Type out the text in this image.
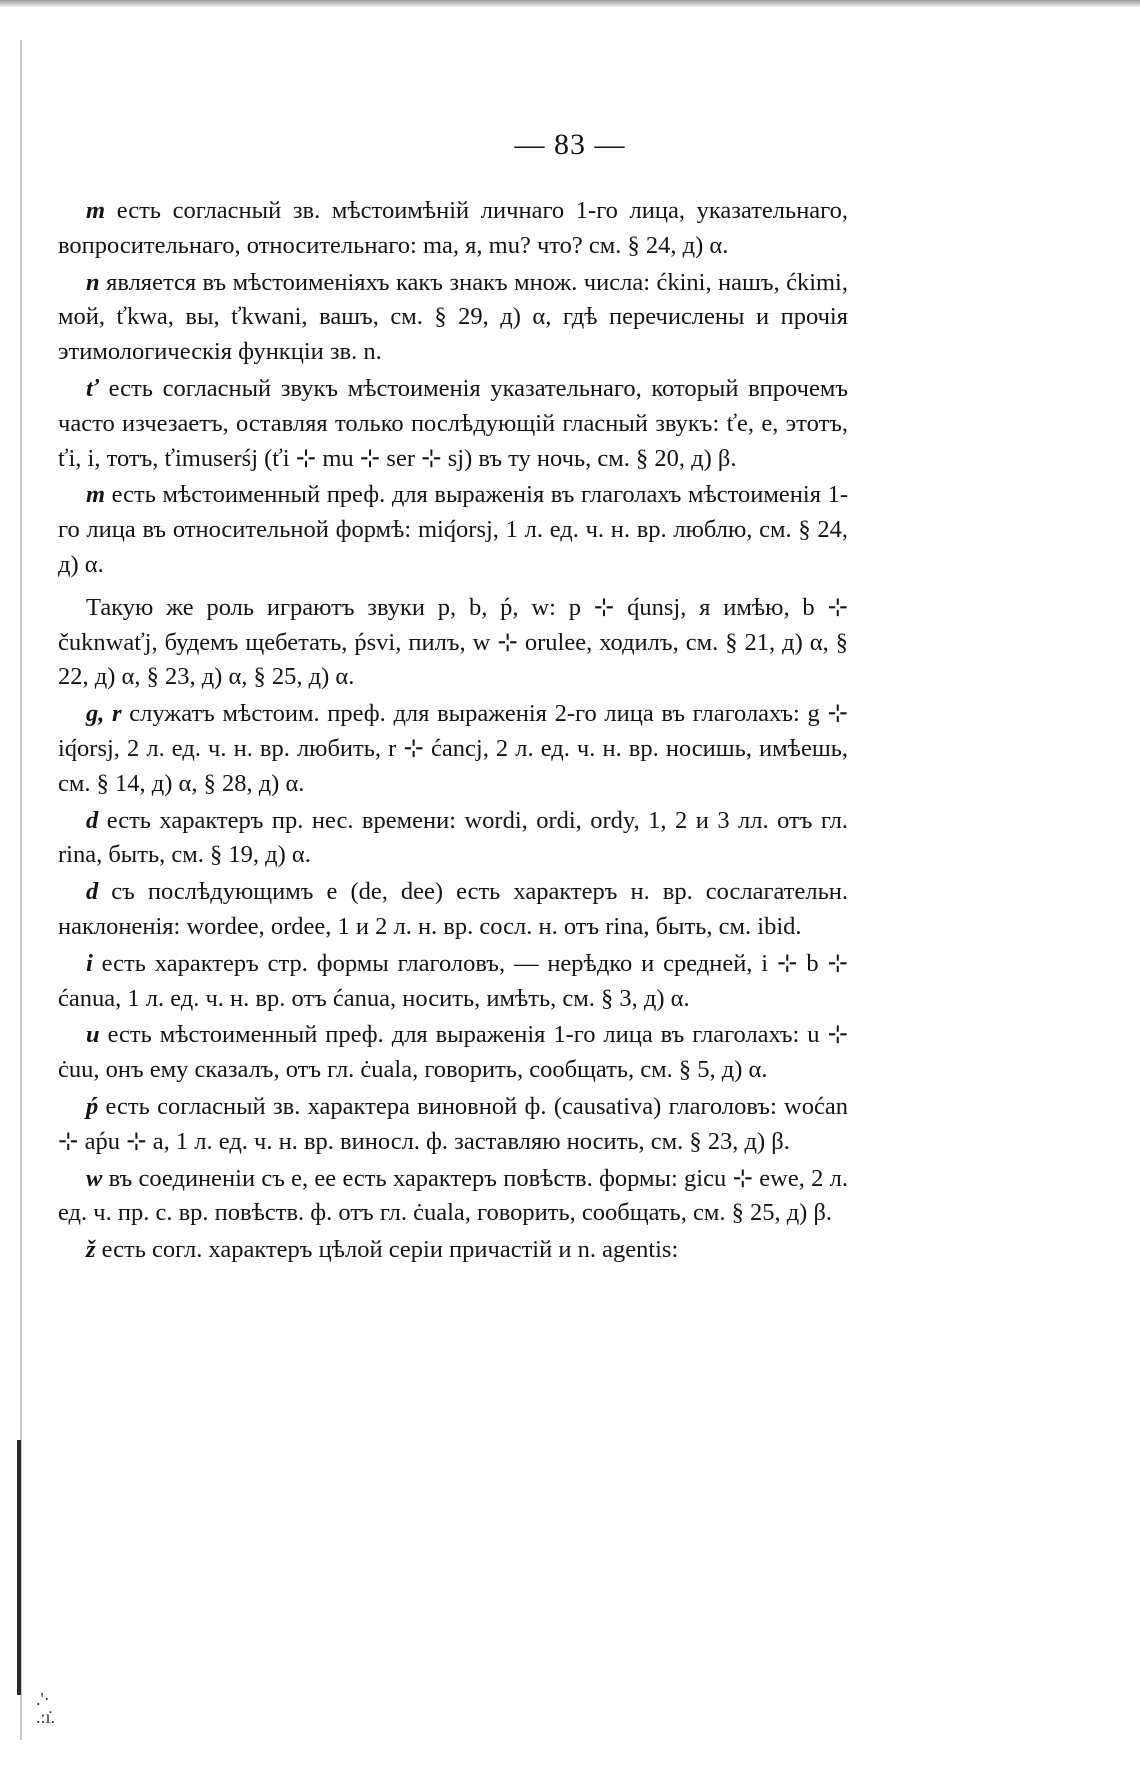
.'·
.:ı̇.
— 83 —

m есть согласный зв. мѣстоимѣній личнаго 1-го лица, указательнаго, вопросительнаго, относительнаго: ma, я, mu? что? см. § 24, д) α.

n является въ мѣстоименіяхъ какъ знакъ множ. числа: ćkini, нашъ, ćkimi, мой, ťkwa, вы, ťkwani, вашъ, см. § 29, д) α, гдѣ перечислены и прочія этимологическія функціи зв. n.

ť есть согласный звукъ мѣстоименія указательнаго, который впрочемъ часто изчезаетъ, оставляя только послѣдующій гласный звукъ: ťe, e, этотъ, ťi, i, тотъ, ťimuserśj (ťi ⊹ mu ⊹ ser ⊹ sj) въ ту ночь, см. § 20, д) β.

m есть мѣстоименный преф. для выраженія въ глаголахъ мѣстоименія 1-го лица въ относительной формѣ: miq́orsj, 1 л. ед. ч. н. вр. люблю, см. § 24, д) α.

Такую же роль играютъ звуки p, b, ṕ, w: p ⊹ q́unsj, я имѣю, b ⊹ čuknwaťj, будемъ щебетать, ṕsvi, пилъ, w ⊹ orulee, ходилъ, см. § 21, д) α, § 22, д) α, § 23, д) α, § 25, д) α.

g, r служатъ мѣстоим. преф. для выраженія 2-го лица въ глаголахъ: g ⊹ iq́orsj, 2 л. ед. ч. н. вр. любить, r ⊹ ćancj, 2 л. ед. ч. н. вр. носишь, имѣешь, см. § 14, д) α, § 28, д) α.

d есть характеръ пр. нес. времени: wordi, ordi, ordy, 1, 2 и 3 лл. отъ гл. rina, быть, см. § 19, д) α.

d съ послѣдующимъ e (de, dee) есть характеръ н. вр. сослагательн. наклоненія: wordee, ordee, 1 и 2 л. н. вр. сосл. н. отъ rina, быть, см. ibid.

i есть характеръ стр. формы глаголовъ, — нерѣдко и средней, i ⊹ b ⊹ ćanua, 1 л. ед. ч. н. вр. отъ ćanua, носить, имѣть, см. § 3, д) α.

u есть мѣстоименный преф. для выраженія 1-го лица въ глаголахъ: u ⊹ ċuu, онъ ему сказалъ, отъ гл. ċuala, говорить, сообщать, см. § 5, д) α.

ṕ есть согласный зв. характера виновной ф. (causativa) глаголовъ: woćan ⊹ aṕu ⊹ a, 1 л. ед. ч. н. вр. виносл. ф. заставляю носить, см. § 23, д) β.

w въ соединеніи съ e, ee есть характеръ повѣств. формы: gicu ⊹ ewe, 2 л. ед. ч. пр. с. вр. повѣств. ф. отъ гл. ċuala, говорить, сообщать, см. § 25, д) β.

ž есть согл. характеръ цѣлой серіи причастій и n. agentis:
